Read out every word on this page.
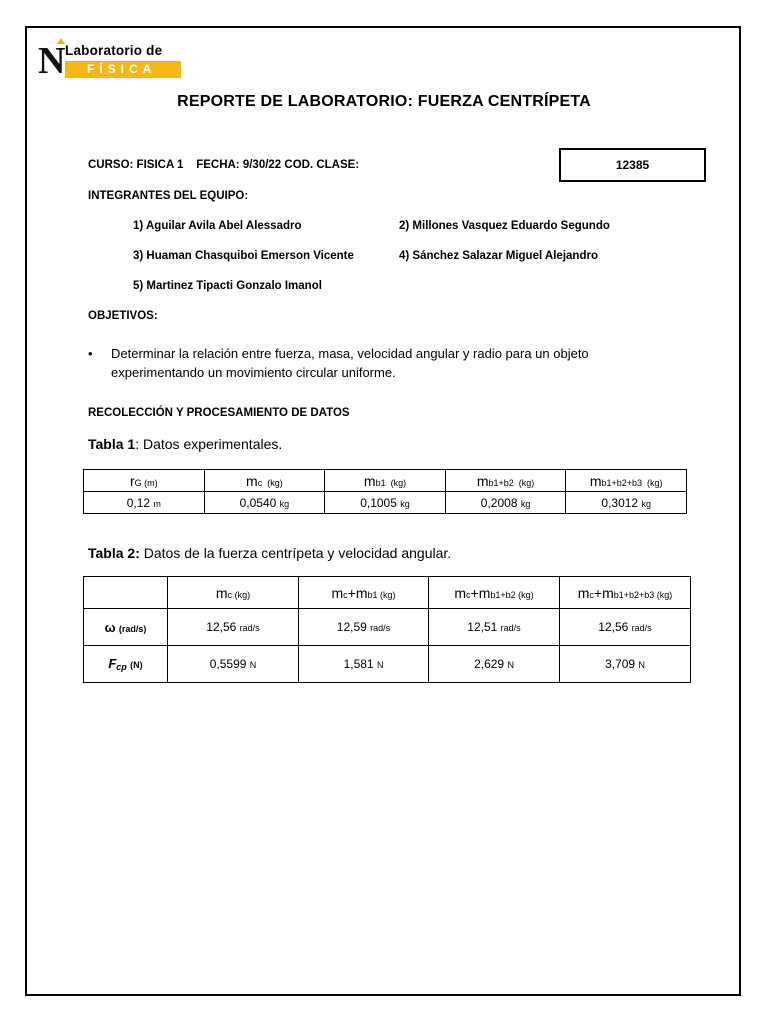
N Laboratorio de
FÍSICA
REPORTE DE LABORATORIO: FUERZA CENTRÍPETA
CURSO: FISICA 1    FECHA: 9/30/22 COD. CLASE:	12385
INTEGRANTES DEL EQUIPO:
1) Aguilar Avila Abel Alessadro	2) Millones Vasquez Eduardo Segundo
3) Huaman Chasquiboi Emerson Vicente	4) Sánchez Salazar Miguel Alejandro
5) Martinez Tipacti Gonzalo Imanol
OBJETIVOS:
• Determinar la relación entre fuerza, masa, velocidad angular y radio para un objeto experimentando un movimiento circular uniforme.
RECOLECCIÓN Y PROCESAMIENTO DE DATOS
Tabla 1: Datos experimentales.
rG (m)	mc  (kg)	mb1  (kg)	mb1+b2  (kg)	mb1+b2+b3  (kg)
0,12 m	0,0540 kg	0,1005 kg	0,2008 kg	0,3012 kg
Tabla 2: Datos de la fuerza centrípeta y velocidad angular.
	mc (kg)	mc+mb1 (kg)	mc+mb1+b2 (kg)	mc+mb1+b2+b3 (kg)
ω (rad/s)	12,56 rad/s	12,59 rad/s	12,51 rad/s	12,56 rad/s
$F_{cp}$ (N)	0,5599 N	1,581 N	2,629 N	3,709 N
